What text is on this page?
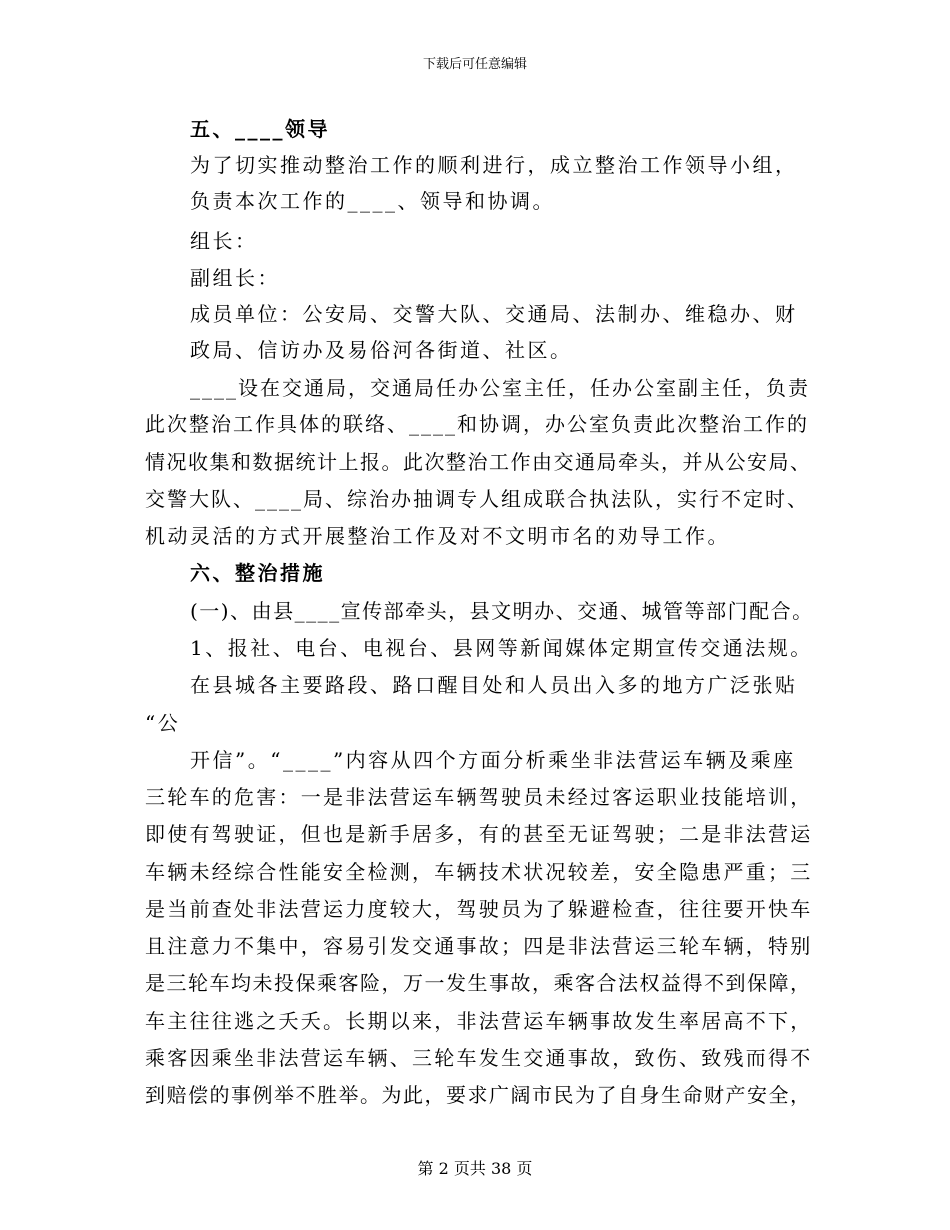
下载后可任意编辑
五、____领导
为了切实推动整治工作的顺利进行，成立整治工作领导小组，
负责本次工作的____、领导和协调。
组长：
副组长：
成员单位：公安局、交警大队、交通局、法制办、维稳办、财
政局、信访办及易俗河各街道、社区。
____设在交通局，交通局任办公室主任，任办公室副主任，负责
此次整治工作具体的联络、____和协调，办公室负责此次整治工作的
情况收集和数据统计上报。此次整治工作由交通局牵头，并从公安局、
交警大队、____局、综治办抽调专人组成联合执法队，实行不定时、
机动灵活的方式开展整治工作及对不文明市名的劝导工作。
六、整治措施
(一)、由县____宣传部牵头，县文明办、交通、城管等部门配合。
1、报社、电台、电视台、县网等新闻媒体定期宣传交通法规。
在县城各主要路段、路口醒目处和人员出入多的地方广泛张贴
“公
开信”。“____”内容从四个方面分析乘坐非法营运车辆及乘座
三轮车的危害：一是非法营运车辆驾驶员未经过客运职业技能培训，
即使有驾驶证，但也是新手居多，有的甚至无证驾驶；二是非法营运
车辆未经综合性能安全检测，车辆技术状况较差，安全隐患严重；三
是当前查处非法营运力度较大，驾驶员为了躲避检查，往往要开快车
且注意力不集中，容易引发交通事故；四是非法营运三轮车辆，特别
是三轮车均未投保乘客险，万一发生事故，乘客合法权益得不到保障，
车主往往逃之夭夭。长期以来，非法营运车辆事故发生率居高不下，
乘客因乘坐非法营运车辆、三轮车发生交通事故，致伤、致残而得不
到赔偿的事例举不胜举。为此，要求广阔市民为了自身生命财产安全，
第 2 页共 38 页
